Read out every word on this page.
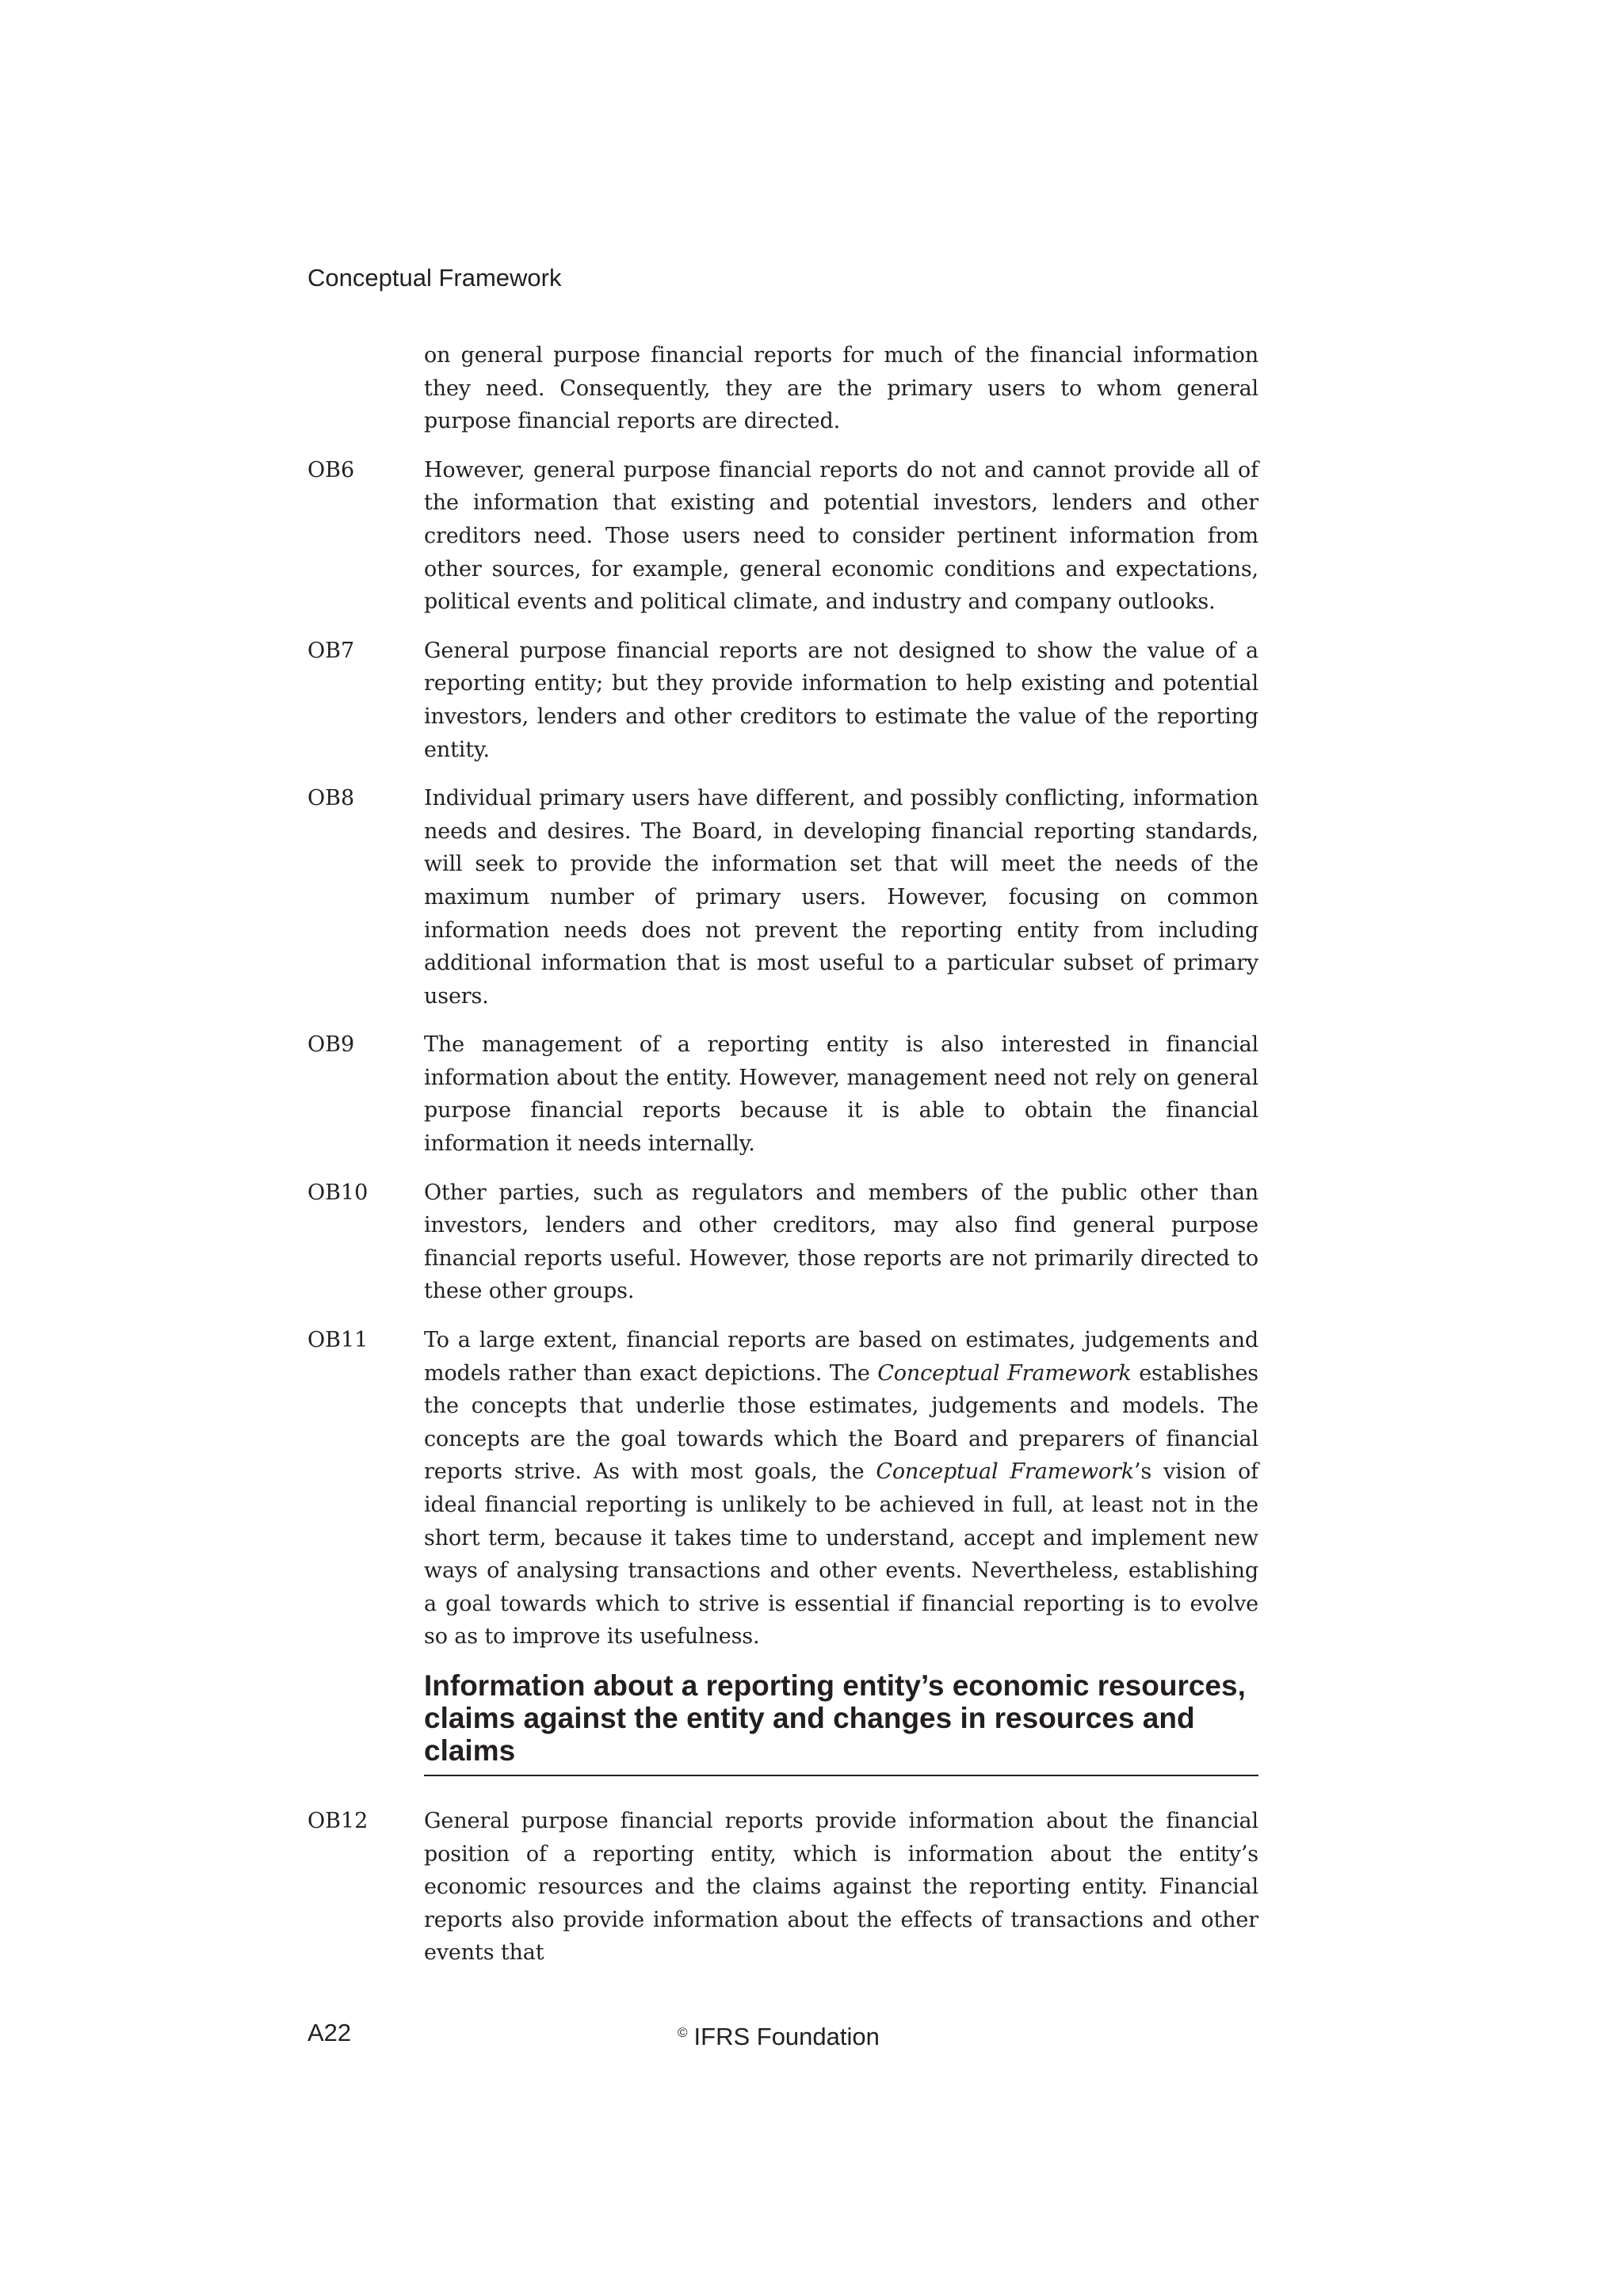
Conceptual Framework
on general purpose financial reports for much of the financial information they need. Consequently, they are the primary users to whom general purpose financial reports are directed.
OB6	However, general purpose financial reports do not and cannot provide all of the information that existing and potential investors, lenders and other creditors need. Those users need to consider pertinent information from other sources, for example, general economic conditions and expectations, political events and political climate, and industry and company outlooks.
OB7	General purpose financial reports are not designed to show the value of a reporting entity; but they provide information to help existing and potential investors, lenders and other creditors to estimate the value of the reporting entity.
OB8	Individual primary users have different, and possibly conflicting, information needs and desires. The Board, in developing financial reporting standards, will seek to provide the information set that will meet the needs of the maximum number of primary users. However, focusing on common information needs does not prevent the reporting entity from including additional information that is most useful to a particular subset of primary users.
OB9	The management of a reporting entity is also interested in financial information about the entity. However, management need not rely on general purpose financial reports because it is able to obtain the financial information it needs internally.
OB10	Other parties, such as regulators and members of the public other than investors, lenders and other creditors, may also find general purpose financial reports useful. However, those reports are not primarily directed to these other groups.
OB11	To a large extent, financial reports are based on estimates, judgements and models rather than exact depictions. The Conceptual Framework establishes the concepts that underlie those estimates, judgements and models. The concepts are the goal towards which the Board and preparers of financial reports strive. As with most goals, the Conceptual Framework’s vision of ideal financial reporting is unlikely to be achieved in full, at least not in the short term, because it takes time to understand, accept and implement new ways of analysing transactions and other events. Nevertheless, establishing a goal towards which to strive is essential if financial reporting is to evolve so as to improve its usefulness.
Information about a reporting entity’s economic resources, claims against the entity and changes in resources and claims
OB12	General purpose financial reports provide information about the financial position of a reporting entity, which is information about the entity’s economic resources and the claims against the reporting entity. Financial reports also provide information about the effects of transactions and other events that
A22	© IFRS Foundation
